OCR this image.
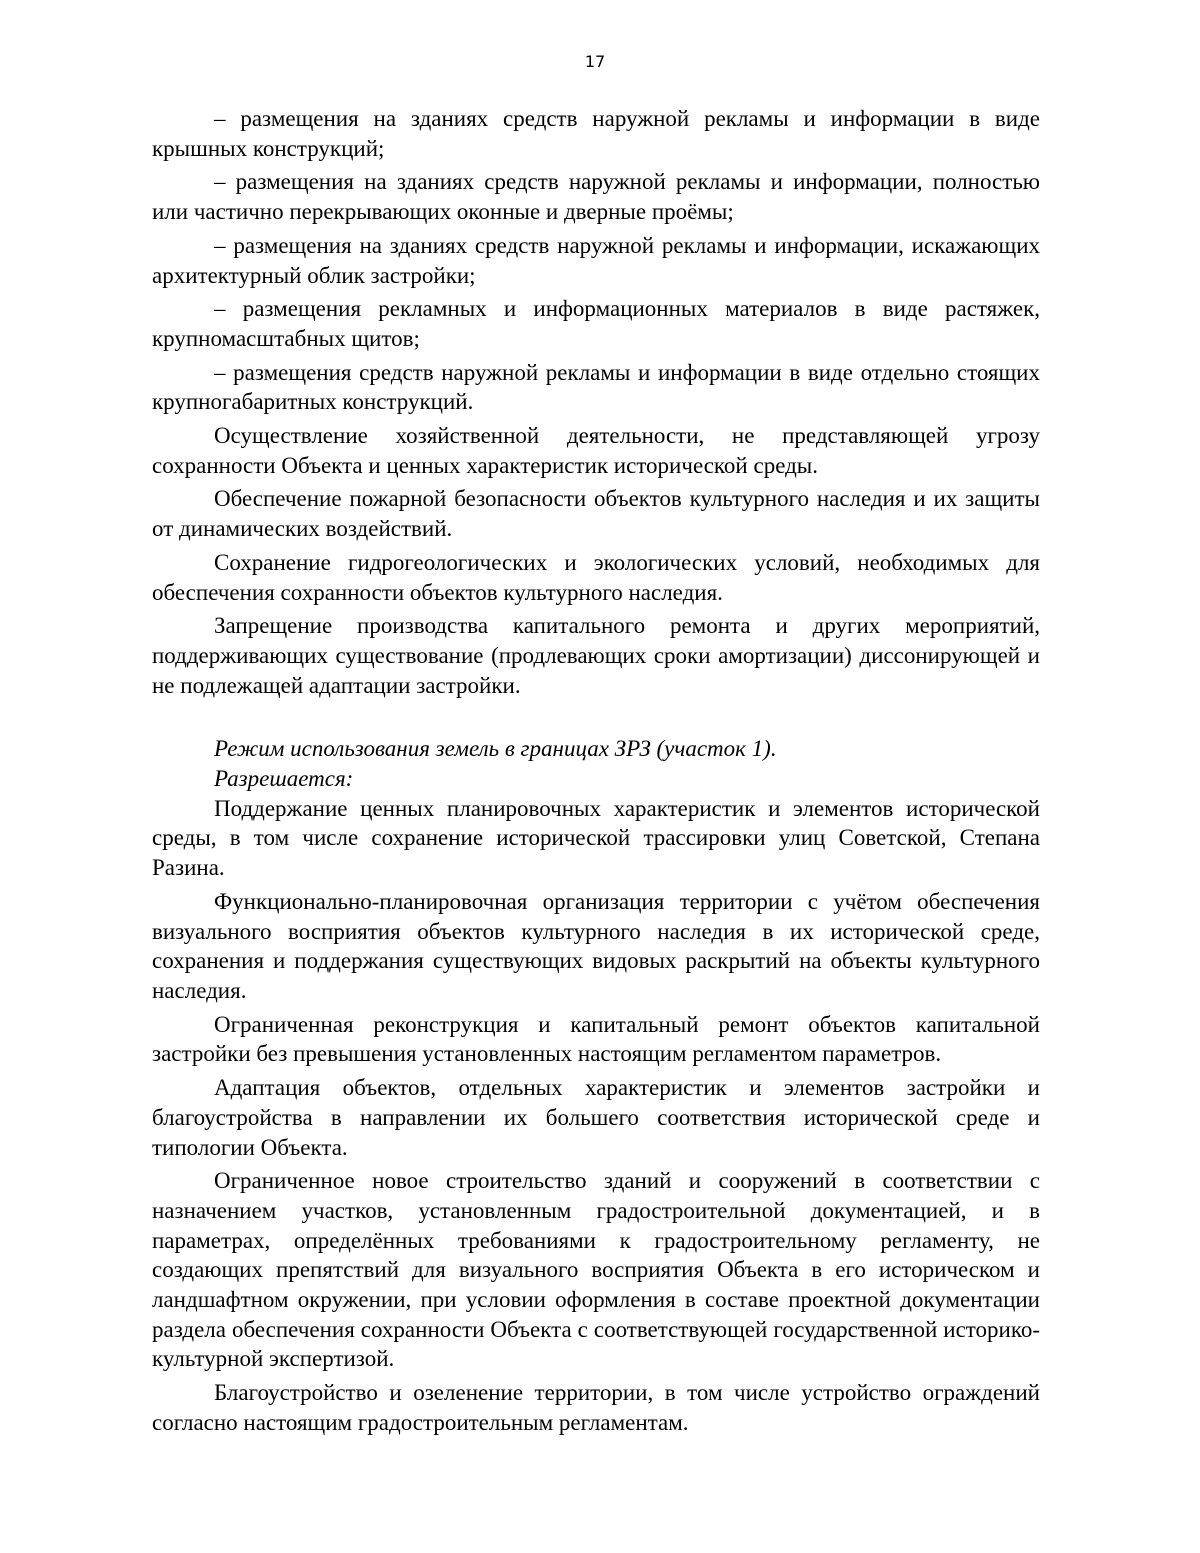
17

– размещения на зданиях средств наружной рекламы и информации в виде крышных конструкций;

– размещения на зданиях средств наружной рекламы и информации, полностью или частично перекрывающих оконные и дверные проёмы;

– размещения на зданиях средств наружной рекламы и информации, искажающих архитектурный облик застройки;

– размещения рекламных и информационных материалов в виде растяжек, крупномасштабных щитов;

– размещения средств наружной рекламы и информации в виде отдельно стоящих крупногабаритных конструкций.

Осуществление хозяйственной деятельности, не представляющей угрозу сохранности Объекта и ценных характеристик исторической среды.

Обеспечение пожарной безопасности объектов культурного наследия и их защиты от динамических воздействий.

Сохранение гидрогеологических и экологических условий, необходимых для обеспечения сохранности объектов культурного наследия.

Запрещение производства капитального ремонта и других мероприятий, поддерживающих существование (продлевающих сроки амортизации) диссонирующей и не подлежащей адаптации застройки.

Режим использования земель в границах ЗРЗ (участок 1).

Разрешается:

Поддержание ценных планировочных характеристик и элементов исторической среды, в том числе сохранение исторической трассировки улиц Советской, Степана Разина.

Функционально-планировочная организация территории с учётом обеспечения визуального восприятия объектов культурного наследия в их исторической среде, сохранения и поддержания существующих видовых раскрытий на объекты культурного наследия.

Ограниченная реконструкция и капитальный ремонт объектов капитальной застройки без превышения установленных настоящим регламентом параметров.

Адаптация объектов, отдельных характеристик и элементов застройки и благоустройства в направлении их большего соответствия исторической среде и типологии Объекта.

Ограниченное новое строительство зданий и сооружений в соответствии с назначением участков, установленным градостроительной документацией, и в параметрах, определённых требованиями к градостроительному регламенту, не создающих препятствий для визуального восприятия Объекта в его историческом и ландшафтном окружении, при условии оформления в составе проектной документации раздела обеспечения сохранности Объекта с соответствующей государственной историко-культурной экспертизой.

Благоустройство и озеленение территории, в том числе устройство ограждений согласно настоящим градостроительным регламентам.
